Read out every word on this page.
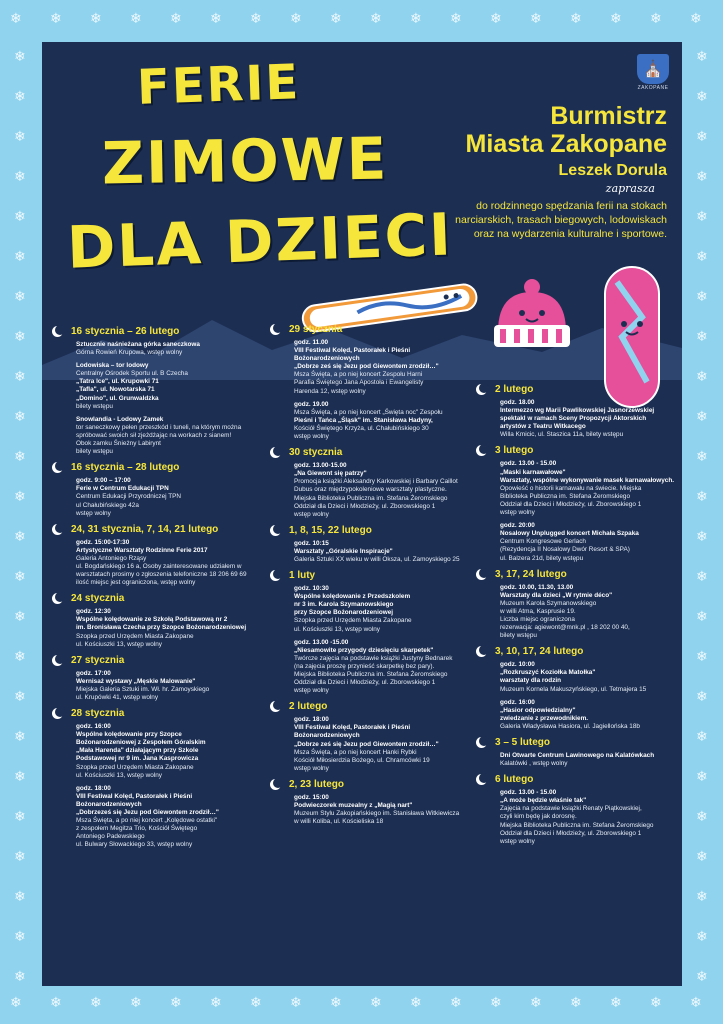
❄
❄
❄
❄
❄
❄
❄
❄
❄
❄
❄
❄
❄
❄
❄
❄
❄
❄
❄
❄
❄
❄
❄
❄
❄
❄
❄
❄
❄
❄
❄
❄
❄
❄
❄
❄
❄	❄
❄	❄
❄	❄
❄	❄
❄	❄
❄	❄
❄	❄
❄	❄
❄	❄
❄	❄
❄	❄
❄	❄
❄	❄
❄	❄
❄	❄
❄	❄
❄	❄
❄	❄
❄	❄
❄	❄
❄	❄
❄	❄
❄	❄
❄	❄
FERIE
ZIMOWE
DLA DZIECI
⛪
ZAKOPANE
Burmistrz
Miasta Zakopane
Leszek Dorula
zaprasza
do rodzinnego spędzania ferii na stokach
narciarskich, trasach biegowych, lodowiskach
oraz na wydarzenia kulturalne i sportowe.
16 stycznia – 26 lutego
Sztucznie naśnieżana górka saneczkowa
Górna Rowień Krupowa, wstęp wolny
Lodowiska – tor lodowy
Centralny Ośrodek Sportu ul. B Czecha
„Tatra Ice", ul. Krupowki 71
„Tafla", ul. Nowotarska 71
„Domino", ul. Grunwaldzka
bilety wstępu
Snowlandia - Lodowy Zamek
tor saneczkowy pełen przeszkód i tuneli, na którym można
spróbować swoich sił zjeżdżając na workach z sianem!
Obok zamku Śnieżny Labirynt
bilety wstępu
16 stycznia – 28 lutego
godz. 9:00 – 17:00
Ferie w Centrum Edukacji TPN
Centrum Edukacji Przyrodniczej TPN
ul Chałubińskiego 42a
wstęp wolny
24, 31 stycznia, 7, 14, 21 lutego
godz. 15:00-17:30
Artystyczne Warsztaty Rodzinne Ferie 2017
Galeria Antoniego Rząsy
ul. Bogdańskiego 16 a, Osoby zainteresowane udziałem w
warsztatach prosimy o zgłoszenia telefoniczne 18 206 69 69
ilość miejsc jest ograniczona, wstęp wolny
24 stycznia
godz. 12:30
Wspólne kolędowanie ze Szkołą Podstawową nr 2
im. Bronisława Czecha przy Szopce Bożonarodzeniowej
Szopka przed Urzędem Miasta Zakopane
ul. Kościuszki 13, wstęp wolny
27 stycznia
godz. 17:00
Wernisaż wystawy „Męskie Malowanie"
Miejska Galeria Sztuki im. Wł. hr. Zamoyskiego
ul. Krupówki 41, wstęp wolny
28 stycznia
godz. 16:00
Wspólne kolędowanie przy Szopce
Bożonarodzeniowej z Zespołem Góralskim
„Mała Harenda" działającym przy Szkole
Podstawowej nr 9 im. Jana Kasprowicza
Szopka przed Urzędem Miasta Zakopane
ul. Kościuszki 13, wstęp wolny
godz. 18:00
VIII Festiwal Kolęd, Pastorałek i Pieśni
Bożonarodzeniowych
„Dobrzeześ się Jezu pod Giewontem zrodził…"
Msza Święta, a po niej koncert „Kolędowe ostatki"
z zespołem Megitza Trio, Kościół Świętego
Antoniego Padewskiego
ul. Bulwary Słowackiego 33, wstęp wolny
29 stycznia
godz. 11.00
VIII Festiwal Kolęd, Pastorałek i Pieśni
Bożonarodzeniowych
„Dobrze ześ się Jezu pod Giewontem zrodził…"
Msza Święta, a po niej koncert Zespołu Harni
Parafia Świętego Jana Apostoła i Ewangelisty
Harenda 12, wstęp wolny
godz. 19.00
Msza Święta, a po niej koncert „Święta noc" Zespołu
Pieśni i Tańca „Śląsk" im. Stanisława Hadyny,
Kościół Świętego Krzyża, ul. Chałubińskiego 30
wstęp wolny
30 stycznia
godz. 13.00-15.00
„Na Giewont się patrzy"
Promocja książki Aleksandry Karkowskiej i Barbary Caillot
Dubus oraz międzypokoleniowe warsztaty plastyczne.
Miejska Biblioteka Publiczna im. Stefana Żeromskiego
Oddział dla Dzieci i Młodzieży, ul. Zborowskiego 1
wstęp wolny
1, 8, 15, 22 lutego
godz. 10:15
Warsztaty „Góralskie Inspiracje"
Galeria Sztuki XX wieku w willi Oksza, ul. Zamoyskiego 25
1 luty
godz. 10:30
Wspólne kolędowanie z Przedszkolem
nr 3 im. Karola Szymanowskiego
przy Szopce Bożonarodzeniowej
Szopka przed Urzędem Miasta Zakopane
ul. Kościuszki 13, wstęp wolny
godz. 13.00 -15.00
„Niesamowite przygody dziesięciu skarpetek"
Twórcze zajęcia na podstawie książki Justyny Bednarek
(na zajęcia proszę przynieść skarpetkę bez pary).
Miejska Biblioteka Publiczna im. Stefana Żeromskiego
Oddział dla Dzieci i Młodzieży, ul. Zborowskiego 1
wstęp wolny
2 lutego
godz. 18:00
VIII Festiwal Kolęd, Pastorałek i Pieśni
Bożonarodzeniowych
„Dobrze ześ się Jezu pod Giewontem zrodził…"
Msza Święta, a po niej koncert Hanki Rybki
Kościół Miłosierdzia Bożego, ul. Chramcówki 19
wstęp wolny
2, 23 lutego
godz. 15:00
Podwieczorek muzealny z „Magią nart"
Muzeum Stylu Zakopiańskiego im. Stanisława Witkiewicza
w willi Koliba, ul. Kościeliska 18
2 lutego
godz. 18.00
Intermezzo wg Marii Pawlikowskiej Jasnorzewskiej
spektakl w ramach Sceny Propozycji Aktorskich
artystów z Teatru Witkacego
Willa Kmicic, ul. Staszica 11a, bilety wstępu
3 lutego
godz. 13.00 - 15.00
„Maski karnawałowe"
Warsztaty, wspólne wykonywanie masek karnawałowych.
Opowieść o historii karnawału na świecie. Miejska
Biblioteka Publiczna im. Stefana Żeromskiego
Oddział dla Dzieci i Młodzieży, ul. Zborowskiego 1
wstęp wolny
godz. 20:00
Nosalowy Unplugged koncert Michała Szpaka
Centrum Kongresowe Gerlach
(Rezydencja II Nosalowy Dwór Resort & SPA)
ul. Balzera 21d, bilety wstępu
3, 17, 24 lutego
godz. 10.00, 11.30, 13.00
Warsztaty dla dzieci „W rytmie déco"
Muzeum Karola Szymanowskiego
w willi Atma, Kasprusie 19.
Liczba miejsc ograniczona
rezerwacja: agiewont@mnk.pl , 18 202 00 40,
bilety wstępu
3, 10, 17, 24 lutego
godz. 10:00
„Rozkruszyć Koziołka Matołka"
warsztaty dla rodzin
Muzeum Kornela Makuszyńskiego, ul. Tetmajera 15
godz. 16:00
„Hasior odpowiedzialny"
zwiedzanie z przewodnikiem.
Galeria Władysława Hasiora, ul. Jagiellońska 18b
3 – 5 lutego
Dni Otwarte Centrum Lawinowego na Kalatówkach
Kalatówki , wstęp wolny
6 lutego
godz. 13.00 - 15.00
„A może będzie właśnie tak"
Zajęcia na podstawie książki Renaty Piątkowskiej,
czyli kim będę jak dorosnę.
Miejska Biblioteka Publiczna im. Stefana Żeromskiego
Oddział dla Dzieci i Młodzieży, ul. Zborowskiego 1
wstęp wolny
